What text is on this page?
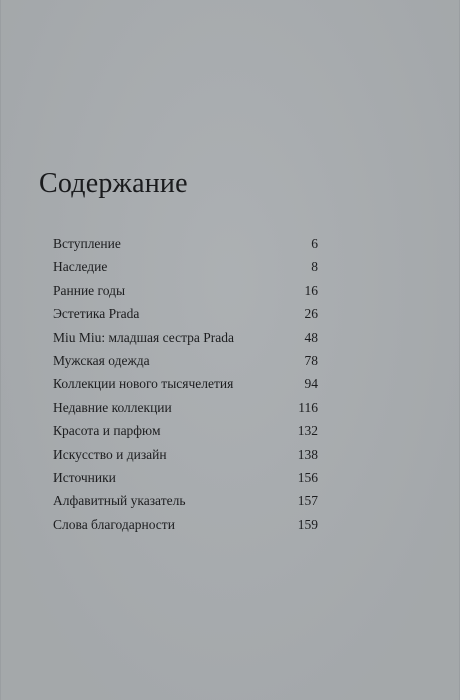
Содержание
Вступление	6
Наследие	8
Ранние годы	16
Эстетика Prada	26
Miu Miu: младшая сестра Prada	48
Мужская одежда	78
Коллекции нового тысячелетия	94
Недавние коллекции	116
Красота и парфюм	132
Искусство и дизайн	138
Источники	156
Алфавитный указатель	157
Слова благодарности	159
